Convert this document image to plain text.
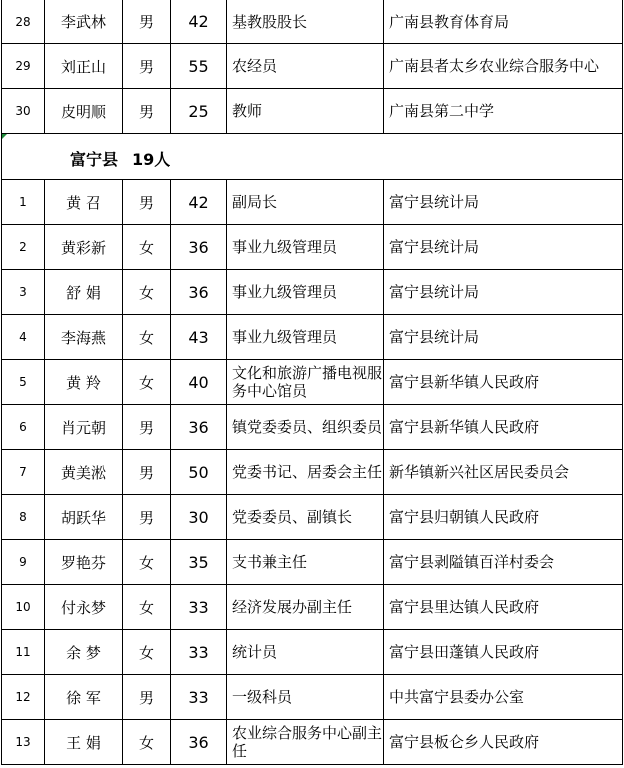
28	李武林	男	42	基教股股长	广南县教育体育局
29	刘正山	男	55	农经员	广南县者太乡农业综合服务中心
30	皮明顺	男	25	教师	广南县第二中学

富宁县 19人					

1	黄 召	男	42	副局长	富宁县统计局
2	黄彩新	女	36	事业九级管理员	富宁县统计局
3	舒 娟	女	36	事业九级管理员	富宁县统计局
4	李海燕	女	43	事业九级管理员	富宁县统计局
5	黄 羚	女	40	文化和旅游广播电视服务中心馆员	富宁县新华镇人民政府
6	肖元朝	男	36	镇党委委员、组织委员	富宁县新华镇人民政府
7	黄美淞	男	50	党委书记、居委会主任	新华镇新兴社区居民委员会
8	胡跃华	男	30	党委委员、副镇长	富宁县归朝镇人民政府
9	罗艳芬	女	35	支书兼主任	富宁县剥隘镇百洋村委会
10	付永梦	女	33	经济发展办副主任	富宁县里达镇人民政府
11	余 梦	女	33	统计员	富宁县田蓬镇人民政府
12	徐 军	男	33	一级科员	中共富宁县委办公室
13	王 娟	女	36	农业综合服务中心副主任	富宁县板仑乡人民政府
